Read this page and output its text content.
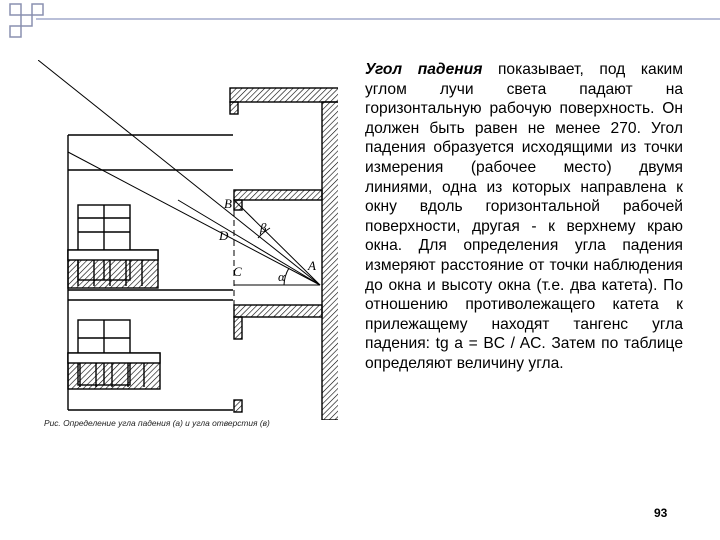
B
D
C	A
β
α
Рис. Определение угла падения (а) и угла отверстия (в)
Угол падения показывает, под каким углом лучи света падают на горизонтальную рабочую поверхность. Он должен быть равен не менее 270. Угол падения образуется исходящими из точки измерения (рабочее место) двумя линиями, одна из которых направлена к окну вдоль горизонтальной рабочей поверхности, другая - к верхнему краю окна. Для определения угла падения измеряют расстояние от точки наблюдения до окна и высоту окна (т.е. два катета). По отношению противолежащего катета к прилежащему находят тангенс угла падения: tg a = BC / AC. Затем по таблице определяют величину угла.
93
